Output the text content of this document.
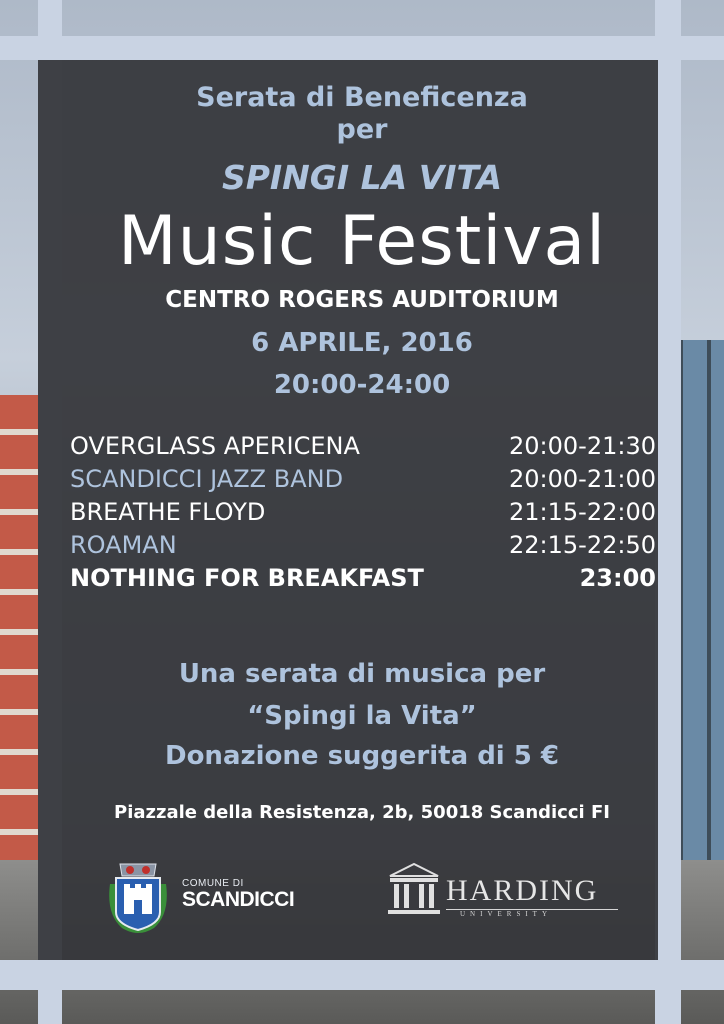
Serata di Beneficenza
per
SPINGI LA VITA
Music Festival
CENTRO ROGERS AUDITORIUM
6 APRILE, 2016
20:00-24:00
OVERGLASS APERICENA	20:00-21:30
SCANDICCI JAZZ BAND	20:00-21:00
BREATHE FLOYD	21:15-22:00
ROAMAN	22:15-22:50
NOTHING FOR BREAKFAST	23:00
Una serata di musica per
“Spingi la Vita”
Donazione suggerita di 5 €
Piazzale della Resistenza, 2b, 50018 Scandicci FI
COMUNE DI
SCANDICCI	HARDING
UNIVERSITY
